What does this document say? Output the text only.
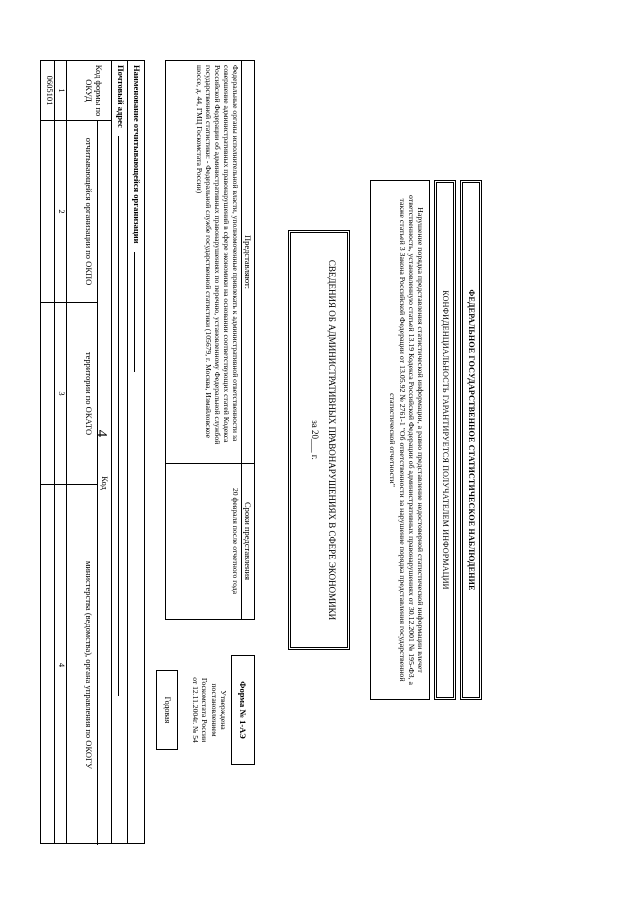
4	ФЕДЕРАЛЬНОЕ ГОСУДАРСТВЕННОЕ СТАТИСТИЧЕСКОЕ НАБЛЮДЕНИЕ
КОНФИДЕНЦИАЛЬНОСТЬ ГАРАНТИРУЕТСЯ ПОЛУЧАТЕЛЕМ ИНФОРМАЦИИ
Нарушение порядка представления статистической информации, а равно представление недостоверной статистической информации влечет ответственность, установленную статьей 13.19 Кодекса Российской Федерации об административных правонарушениях от 30.12.2001 № 195-ФЗ, а также статьей 3 Закона Российской Федерации от 13.05.92 № 2761-1 "Об ответственности за нарушение порядка представления государственной статистической отчетности"
СВЕДЕНИЯ ОБ АДМИНИСТРАТИВНЫХ ПРАВОНАРУШЕНИЯХ В СФЕРЕ ЭКОНОМИКИ
за 20___ г.
Представляют:
Федеральные органы исполнительной власти, уполномоченные привлекать к административной ответственности за совершение административных правонарушений в сфере экономики на основании соответствующих статей Кодекса Российской Федерации об административных правонарушениях по перечню, установленному Федеральной службой государственной статистики: - Федеральной службе государственной статистики (105679, г. Москва, Измайловское шоссе, д. 44, ГМЦ Госкомстата России)
Сроки представления
20 февраля после отчетного года
Форма № 1-АЭ
Утверждена
постановлением
Госкомстата России
от 12.11.2004г. № 54
Годовая
Наименование отчитывающейся организации
Почтовый адрес
Код формы по ОКУД
Код
отчитывающейся организации по ОКПО
территории по ОКАТО
министерства (ведомства), органа управления по ОКОГУ
1
2
3
4
0605101
